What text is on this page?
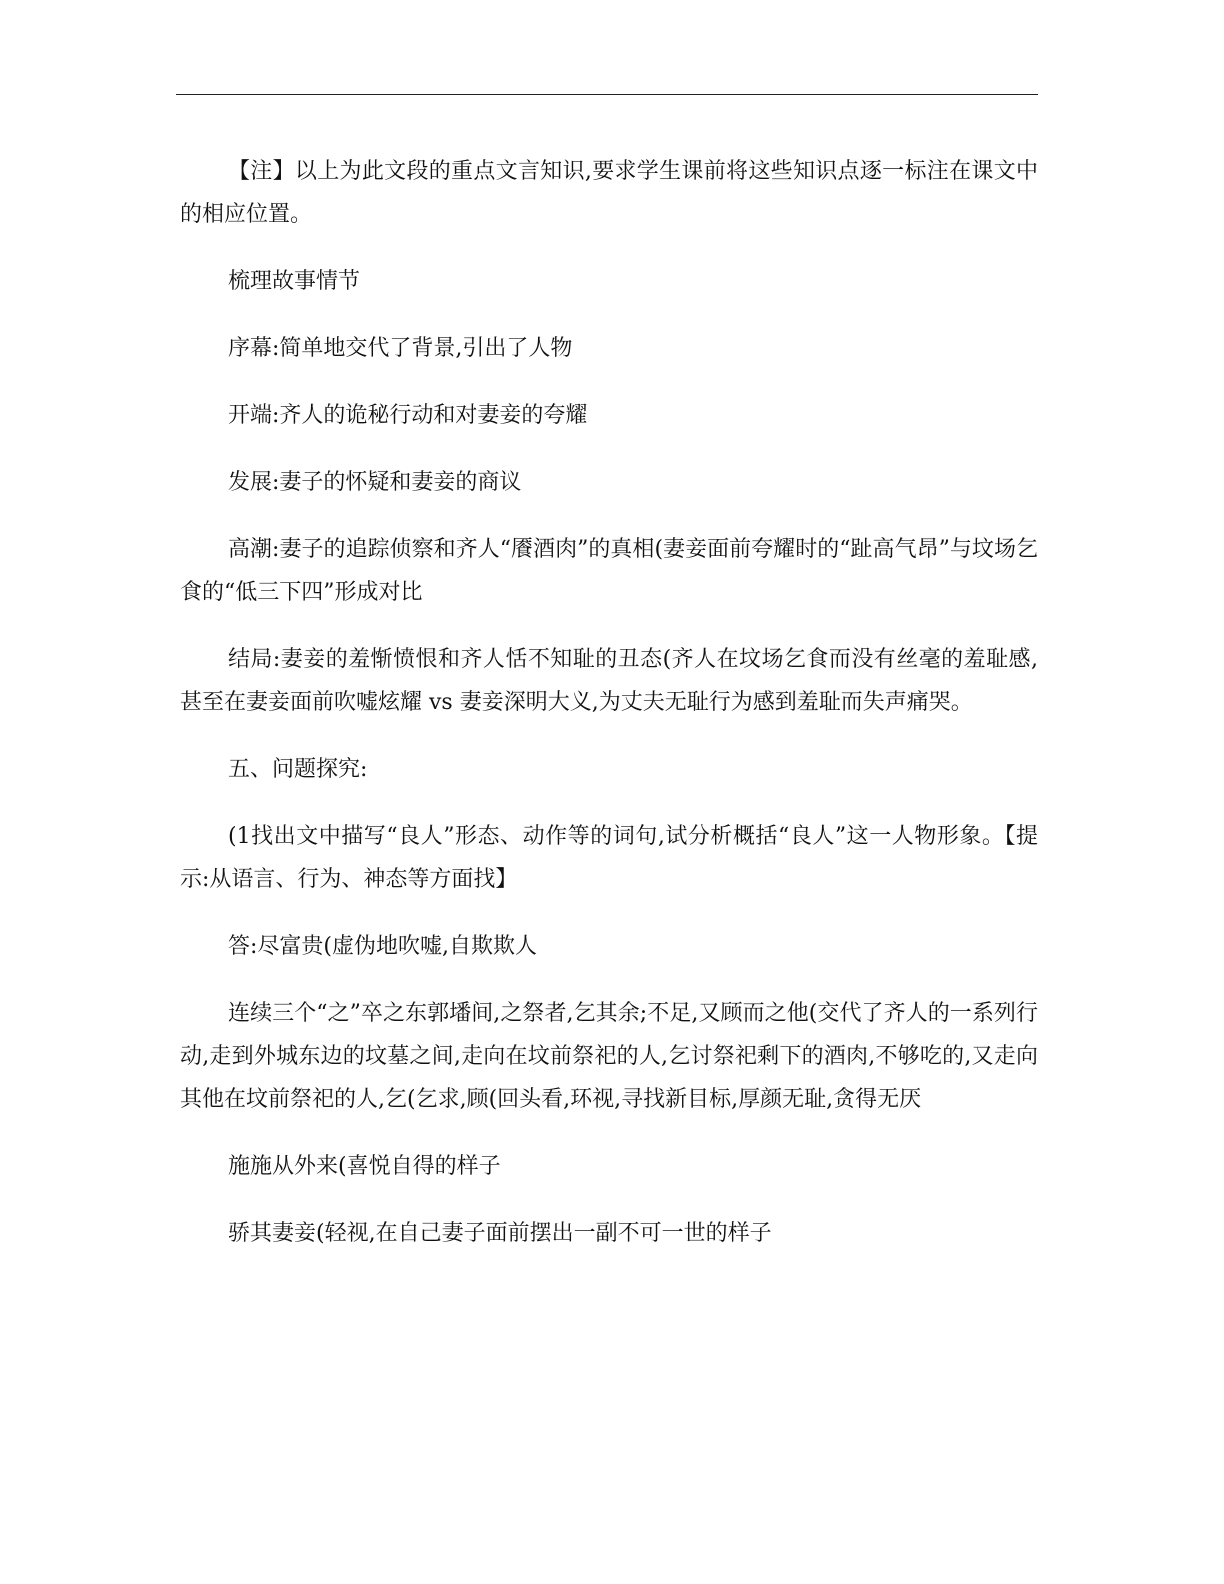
【注】以上为此文段的重点文言知识,要求学生课前将这些知识点逐一标注在课文中的相应位置。

梳理故事情节

序幕:简单地交代了背景,引出了人物

开端:齐人的诡秘行动和对妻妾的夸耀

发展:妻子的怀疑和妻妾的商议

高潮:妻子的追踪侦察和齐人“餍酒肉”的真相(妻妾面前夸耀时的“趾高气昂”与坟场乞食的“低三下四”形成对比

结局:妻妾的羞惭愤恨和齐人恬不知耻的丑态(齐人在坟场乞食而没有丝毫的羞耻感,甚至在妻妾面前吹嘘炫耀 vs 妻妾深明大义,为丈夫无耻行为感到羞耻而失声痛哭。

五、问题探究:

(1找出文中描写“良人”形态、动作等的词句,试分析概括“良人”这一人物形象。【提示:从语言、行为、神态等方面找】

答:尽富贵(虚伪地吹嘘,自欺欺人

连续三个“之”卒之东郭墦间,之祭者,乞其余;不足,又顾而之他(交代了齐人的一系列行动,走到外城东边的坟墓之间,走向在坟前祭祀的人,乞讨祭祀剩下的酒肉,不够吃的,又走向其他在坟前祭祀的人,乞(乞求,顾(回头看,环视,寻找新目标,厚颜无耻,贪得无厌

施施从外来(喜悦自得的样子

骄其妻妾(轻视,在自己妻子面前摆出一副不可一世的样子
